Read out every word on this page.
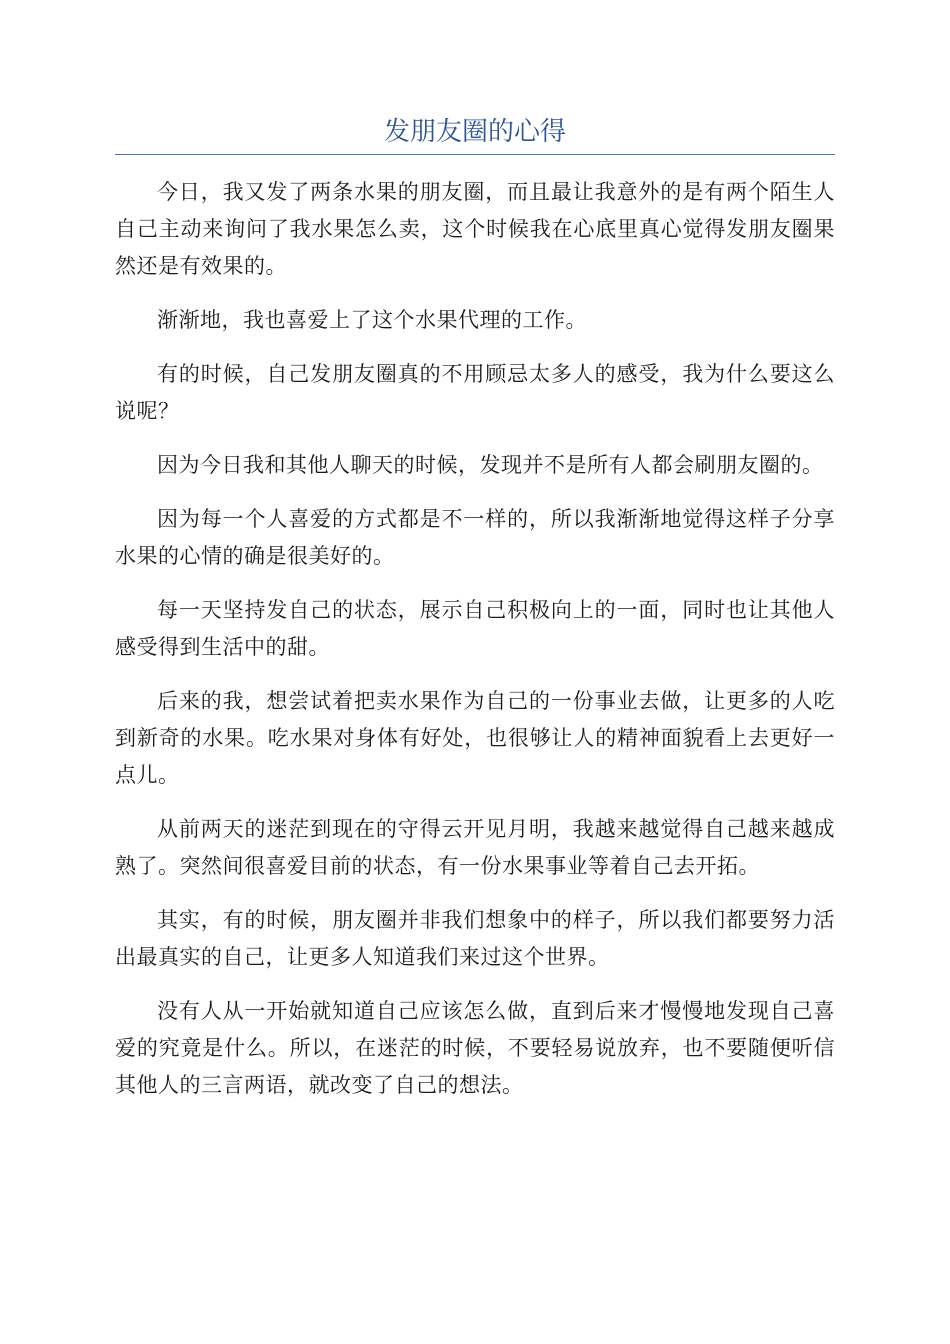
发朋友圈的心得

今日，我又发了两条水果的朋友圈，而且最让我意外的是有两个陌生人自己主动来询问了我水果怎么卖，这个时候我在心底里真心觉得发朋友圈果然还是有效果的。

渐渐地，我也喜爱上了这个水果代理的工作。

有的时候，自己发朋友圈真的不用顾忌太多人的感受，我为什么要这么说呢？

因为今日我和其他人聊天的时候，发现并不是所有人都会刷朋友圈的。

因为每一个人喜爱的方式都是不一样的，所以我渐渐地觉得这样子分享水果的心情的确是很美好的。

每一天坚持发自己的状态，展示自己积极向上的一面，同时也让其他人感受得到生活中的甜。

后来的我，想尝试着把卖水果作为自己的一份事业去做，让更多的人吃到新奇的水果。吃水果对身体有好处，也很够让人的精神面貌看上去更好一点儿。

从前两天的迷茫到现在的守得云开见月明，我越来越觉得自己越来越成熟了。突然间很喜爱目前的状态，有一份水果事业等着自己去开拓。

其实，有的时候，朋友圈并非我们想象中的样子，所以我们都要努力活出最真实的自己，让更多人知道我们来过这个世界。

没有人从一开始就知道自己应该怎么做，直到后来才慢慢地发现自己喜爱的究竟是什么。所以，在迷茫的时候，不要轻易说放弃，也不要随便听信其他人的三言两语，就改变了自己的想法。
